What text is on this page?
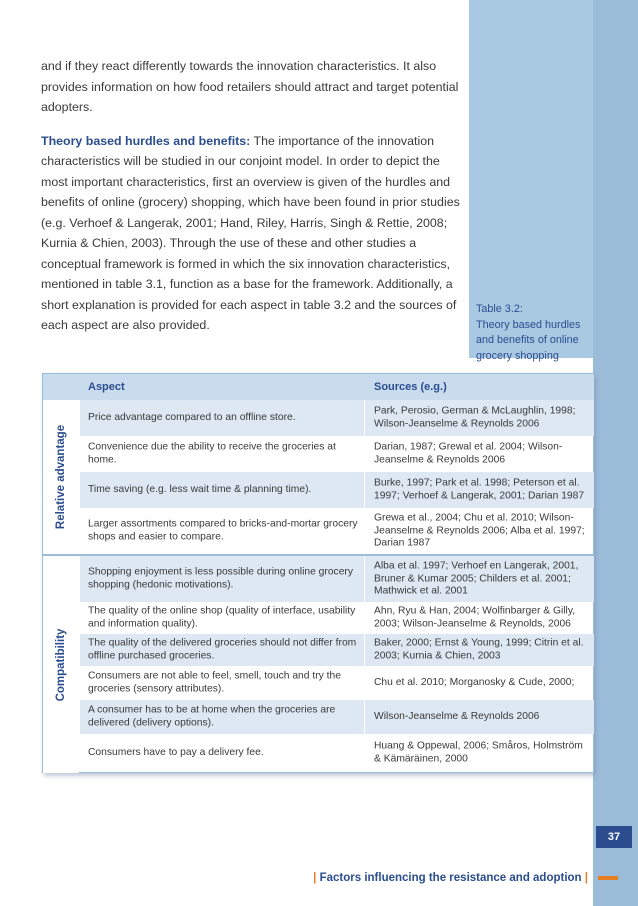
and if they react differently towards the innovation characteristics. It also provides information on how food retailers should attract and target potential adopters.

Theory based hurdles and benefits: The importance of the innovation characteristics will be studied in our conjoint model. In order to depict the most important characteristics, first an overview is given of the hurdles and benefits of online (grocery) shopping, which have been found in prior studies (e.g. Verhoef & Langerak, 2001; Hand, Riley, Harris, Singh & Rettie, 2008; Kurnia & Chien, 2003). Through the use of these and other studies a conceptual framework is formed in which the six innovation characteristics, mentioned in table 3.1, function as a base for the framework. Additionally, a short explanation is provided for each aspect in table 3.2 and the sources of each aspect are also provided.

Table 3.2:
Theory based hurdles and benefits of online grocery shopping
Aspect	Sources (e.g.)
Relative advantage
Price advantage compared to an offline store.
Park, Perosio, German & McLaughlin, 1998; Wilson-Jeanselme & Reynolds 2006
Convenience due the ability to receive the groceries at home.
Darian, 1987; Grewal et al. 2004; Wilson-Jeanselme & Reynolds 2006
Time saving (e.g. less wait time & planning time).
Burke, 1997; Park et al. 1998; Peterson et al. 1997; Verhoef & Langerak, 2001; Darian 1987
Larger assortments compared to bricks-and-mortar grocery shops and easier to compare.
Grewa et al., 2004; Chu et al. 2010; Wilson-Jeanselme & Reynolds 2006; Alba et al. 1997; Darian 1987
Compatibility
Shopping enjoyment is less possible during online grocery shopping (hedonic motivations).
Alba et al. 1997; Verhoef en Langerak, 2001, Bruner & Kumar 2005; Childers et al. 2001; Mathwick et al. 2001
The quality of the online shop (quality of interface, usability and information quality).
Ahn, Ryu & Han, 2004; Wolfinbarger & Gilly, 2003; Wilson-Jeanselme & Reynolds, 2006
The quality of the delivered groceries should not differ from offline purchased groceries.
Baker, 2000; Ernst & Young, 1999; Citrin et al. 2003; Kurnia & Chien, 2003
Consumers are not able to feel, smell, touch and try the groceries (sensory attributes).
Chu et al. 2010; Morganosky & Cude, 2000;
A consumer has to be at home when the groceries are delivered (delivery options).
Wilson-Jeanselme & Reynolds 2006
Consumers have to pay a delivery fee.
Huang & Oppewal, 2006; Småros, Holmström & Kämäräinen, 2000
37
| Factors influencing the resistance and adoption |
